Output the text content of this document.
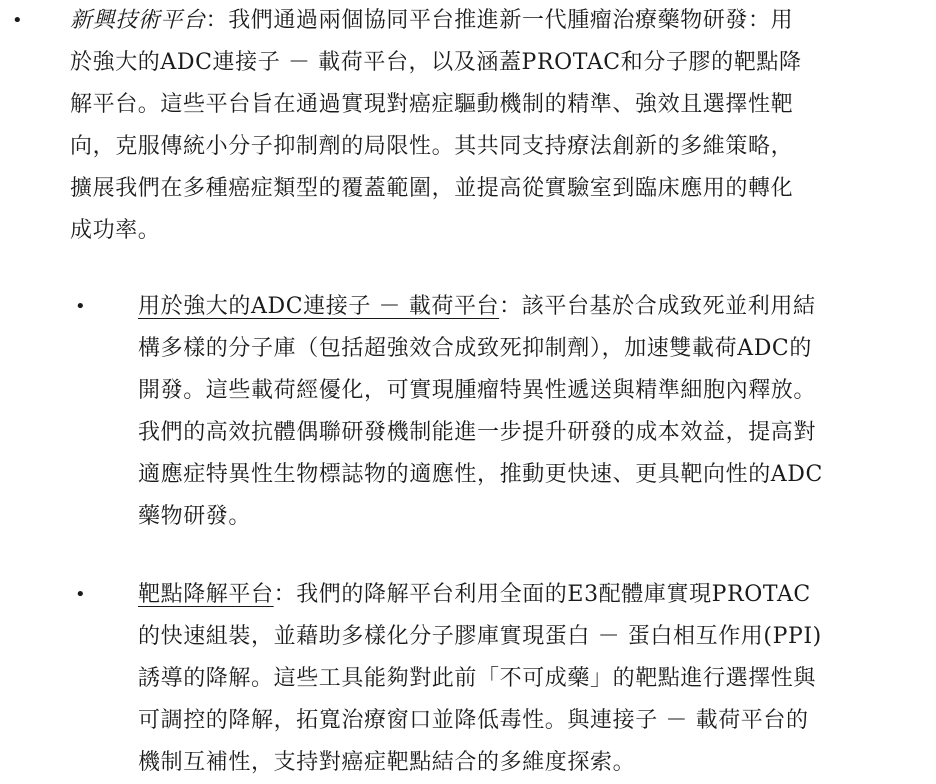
• 新興技術平台：我們通過兩個協同平台推進新一代腫瘤治療藥物研發：用
於強大的ADC連接子 － 載荷平台，以及涵蓋PROTAC和分子膠的靶點降
解平台。這些平台旨在通過實現對癌症驅動機制的精準、強效且選擇性靶
向，克服傳統小分子抑制劑的局限性。其共同支持療法創新的多維策略，
擴展我們在多種癌症類型的覆蓋範圍，並提高從實驗室到臨床應用的轉化
成功率。
• 用於強大的ADC連接子 － 載荷平台：該平台基於合成致死並利用結
構多樣的分子庫（包括超強效合成致死抑制劑），加速雙載荷ADC的
開發。這些載荷經優化，可實現腫瘤特異性遞送與精準細胞內釋放。
我們的高效抗體偶聯研發機制能進一步提升研發的成本效益，提高對
適應症特異性生物標誌物的適應性，推動更快速、更具靶向性的ADC
藥物研發。
• 靶點降解平台：我們的降解平台利用全面的E3配體庫實現PROTAC
的快速組裝，並藉助多樣化分子膠庫實現蛋白 － 蛋白相互作用(PPI)
誘導的降解。這些工具能夠對此前「不可成藥」的靶點進行選擇性與
可調控的降解，拓寬治療窗口並降低毒性。與連接子 － 載荷平台的
機制互補性，支持對癌症靶點結合的多維度探索。
